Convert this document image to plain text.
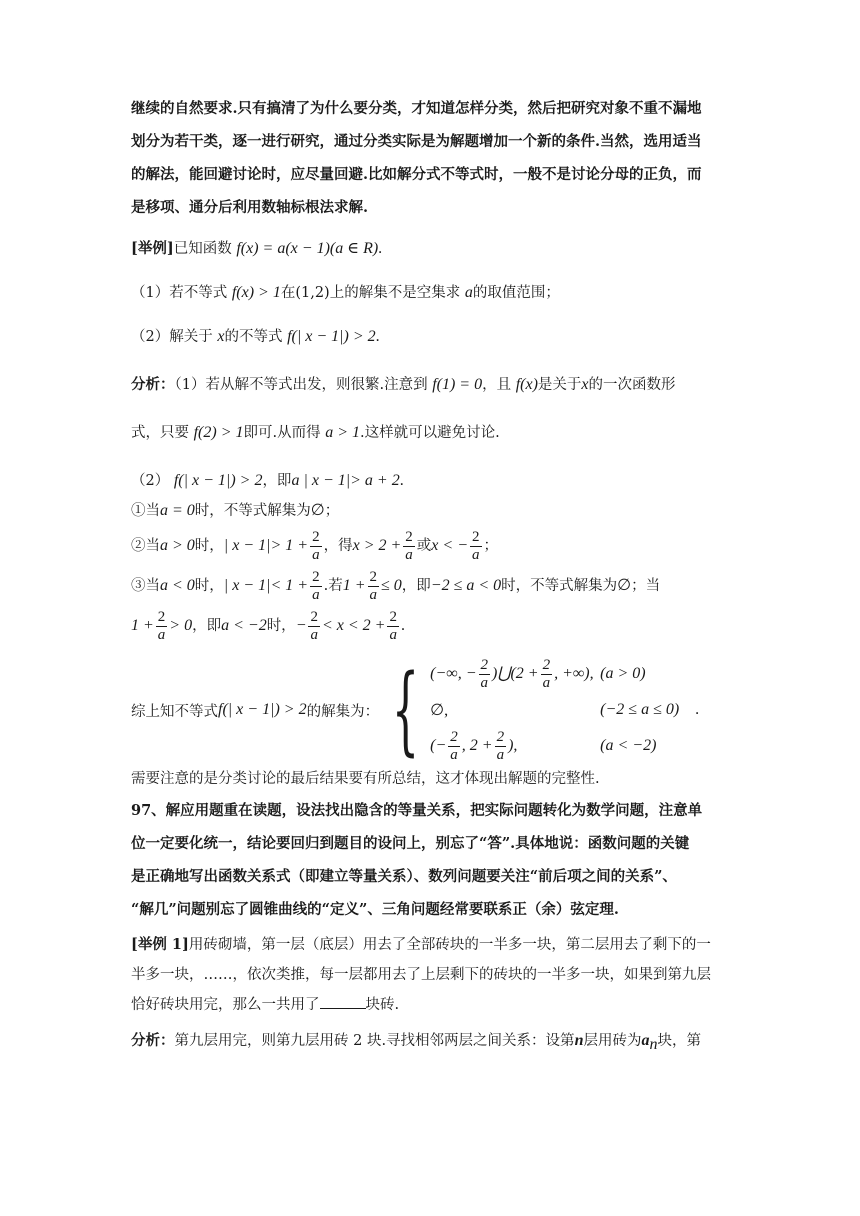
继续的自然要求.只有搞清了为什么要分类，才知道怎样分类，然后把研究对象不重不漏地

划分为若干类，逐一进行研究，通过分类实际是为解题增加一个新的条件.当然，选用适当

的解法，能回避讨论时，应尽量回避.比如解分式不等式时，一般不是讨论分母的正负，而

是移项、通分后利用数轴标根法求解.

[举例]已知函数 f(x) = a(x − 1)(a ∈ R).

（1）若不等式 f(x) > 1在(1,2)上的解集不是空集求 a的取值范围；

（2）解关于 x的不等式 f(| x − 1|) > 2.

分析：（1）若从解不等式出发，则很繁.注意到 f(1) = 0，且 f(x)是关于x的一次函数形

式，只要 f(2) > 1即可.从而得 a > 1.这样就可以避免讨论.

（2） f(| x − 1|) > 2，即a | x − 1|> a + 2.

①当a = 0时，不等式解集为∅；

②当a > 0时，| $x - 1|> 1 + \frac{2}{a}$ ，得$x > 2 + \frac{2}{a}$ 或x < − $\frac{2}{a}$ ；

③当a < 0时，| $x - 1|< 1 + \frac{2}{a}$ .若$1 + \frac{2}{a} \le 0$，即−2 ≤ a < 0时，不等式解集为∅；当

$1 + \frac{2}{a} > 0$，即a < −2时，− $\frac{2}{a} < x < 2 + \frac{2}{a}$ .

综上知不等式 f(| x − 1|) > 2 的解集为： { (−∞, − $\frac{2}{a}$ )⋃(2 + $\frac{2}{a}$ , +∞), (a > 0)
∅,	(−2 ≤ a ≤ 0) .
(− $\frac{2}{a}$ , $2 + \frac{2}{a}$ ),	(a < −2)

需要注意的是分类讨论的最后结果要有所总结，这才体现出解题的完整性.

97、解应用题重在读题，设法找出隐含的等量关系，把实际问题转化为数学问题，注意单

位一定要化统一，结论要回归到题目的设问上，别忘了“答”.具体地说：函数问题的关键

是正确地写出函数关系式（即建立等量关系）、数列问题要关注“前后项之间的关系”、

“解几”问题别忘了圆锥曲线的“定义”、三角问题经常要联系正（余）弦定理.

[举例 1]用砖砌墙，第一层（底层）用去了全部砖块的一半多一块，第二层用去了剩下的一

半多一块，……，依次类推，每一层都用去了上层剩下的砖块的一半多一块，如果到第九层

恰好砖块用完，那么一共用了	块砖.

分析：第九层用完，则第九层用砖 2 块.寻找相邻两层之间关系：设第n层用砖为$a_n$块，第
